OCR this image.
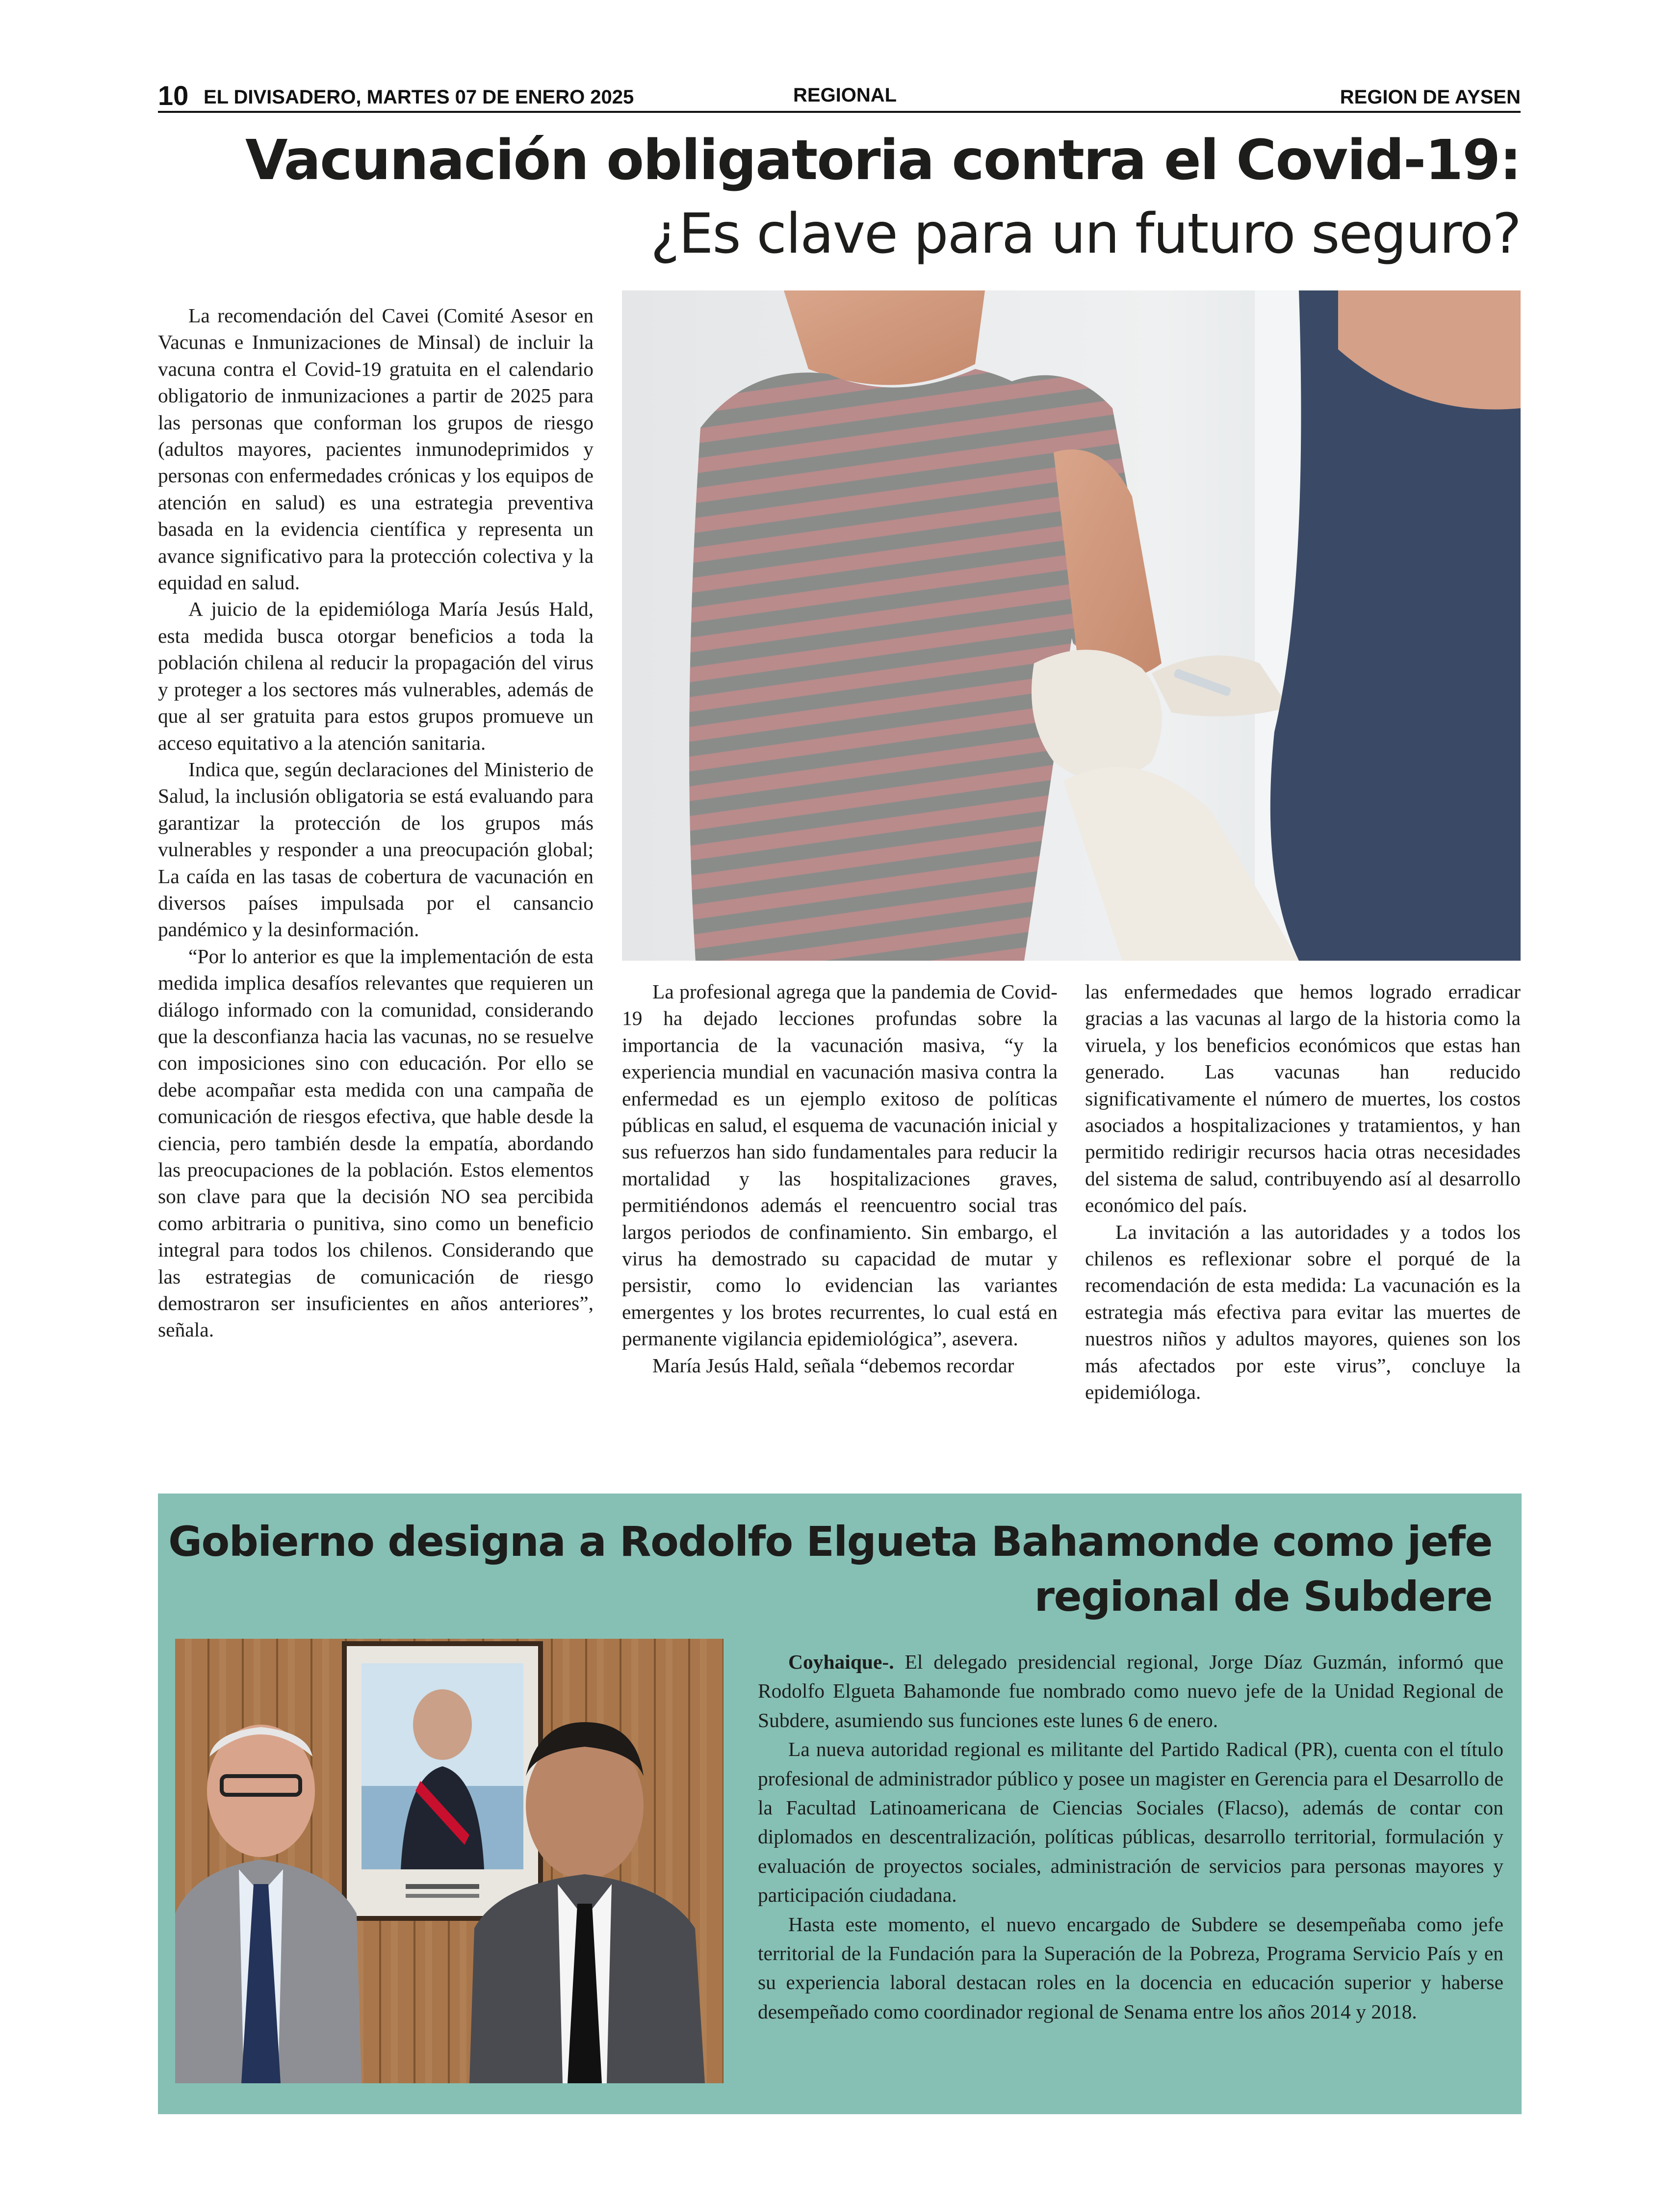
10 EL DIVISADERO, MARTES 07 DE ENERO 2025	REGIONAL	REGION DE AYSEN
Vacunación obligatoria contra el Covid-19:
¿Es clave para un futuro seguro?

La recomendación del Cavei (Comité Asesor en Vacunas e Inmunizaciones de Minsal) de incluir la vacuna contra el Covid-19 gratuita en el calendario obligatorio de inmunizaciones a partir de 2025 para las personas que conforman los grupos de riesgo (adultos mayores, pacientes inmunodeprimidos y personas con enfermedades crónicas y los equipos de atención en salud) es una estrategia preventiva basada en la evidencia científica y representa un avance significativo para la protección colectiva y la equidad en salud.

A juicio de la epidemióloga María Jesús Hald, esta medida busca otorgar beneficios a toda la población chilena al reducir la propagación del virus y proteger a los sectores más vulnerables, además de que al ser gratuita para estos grupos promueve un acceso equitativo a la atención sanitaria.

Indica que, según declaraciones del Ministerio de Salud, la inclusión obligatoria se está evaluando para garantizar la protección de los grupos más vulnerables y responder a una preocupación global; La caída en las tasas de cobertura de vacunación en diversos países impulsada por el cansancio pandémico y la desinformación.

“Por lo anterior es que la implementación de esta medida implica desafíos relevantes que requieren un diálogo informado con la comunidad, considerando que la desconfianza hacia las vacunas, no se resuelve con imposiciones sino con educación. Por ello se debe acompañar esta medida con una campaña de comunicación de riesgos efectiva, que hable desde la ciencia, pero también desde la empatía, abordando las preocupaciones de la población. Estos elementos son clave para que la decisión NO sea percibida como arbitraria o punitiva, sino como un beneficio integral para todos los chilenos. Considerando que las estrategias de comunicación de riesgo demostraron ser insuficientes en años anteriores”, señala.

La profesional agrega que la pandemia de Covid-19 ha dejado lecciones profundas sobre la importancia de la vacunación masiva, “y la experiencia mundial en vacunación masiva contra la enfermedad es un ejemplo exitoso de políticas públicas en salud, el esquema de vacunación inicial y sus refuerzos han sido fundamentales para reducir la mortalidad y las hospitalizaciones graves, permitiéndonos además el reencuentro social tras largos periodos de confinamiento. Sin embargo, el virus ha demostrado su capacidad de mutar y persistir, como lo evidencian las variantes emergentes y los brotes recurrentes, lo cual está en permanente vigilancia epidemiológica”, asevera.

María Jesús Hald, señala “debemos recordar

las enfermedades que hemos logrado erradicar gracias a las vacunas al largo de la historia como la viruela, y los beneficios económicos que estas han generado. Las vacunas han reducido significativamente el número de muertes, los costos asociados a hospitalizaciones y tratamientos, y han permitido redirigir recursos hacia otras necesidades del sistema de salud, contribuyendo así al desarrollo económico del país.

La invitación a las autoridades y a todos los chilenos es reflexionar sobre el porqué de la recomendación de esta medida: La vacunación es la estrategia más efectiva para evitar las muertes de nuestros niños y adultos mayores, quienes son los más afectados por este virus”, concluye la epidemióloga.

Gobierno designa a Rodolfo Elgueta Bahamonde como jefe
regional de Subdere

Coyhaique-. El delegado presidencial regional, Jorge Díaz Guzmán, informó que Rodolfo Elgueta Bahamonde fue nombrado como nuevo jefe de la Unidad Regional de Subdere, asumiendo sus funciones este lunes 6 de enero.

La nueva autoridad regional es militante del Partido Radical (PR), cuenta con el título profesional de administrador público y posee un magister en Gerencia para el Desarrollo de la Facultad Latinoamericana de Ciencias Sociales (Flacso), además de contar con diplomados en descentralización, políticas públicas, desarrollo territorial, formulación y evaluación de proyectos sociales, administración de servicios para personas mayores y participación ciudadana.

Hasta este momento, el nuevo encargado de Subdere se desempeñaba como jefe territorial de la Fundación para la Superación de la Pobreza, Programa Servicio País y en su experiencia laboral destacan roles en la docencia en educación superior y haberse desempeñado como coordinador regional de Senama entre los años 2014 y 2018.
